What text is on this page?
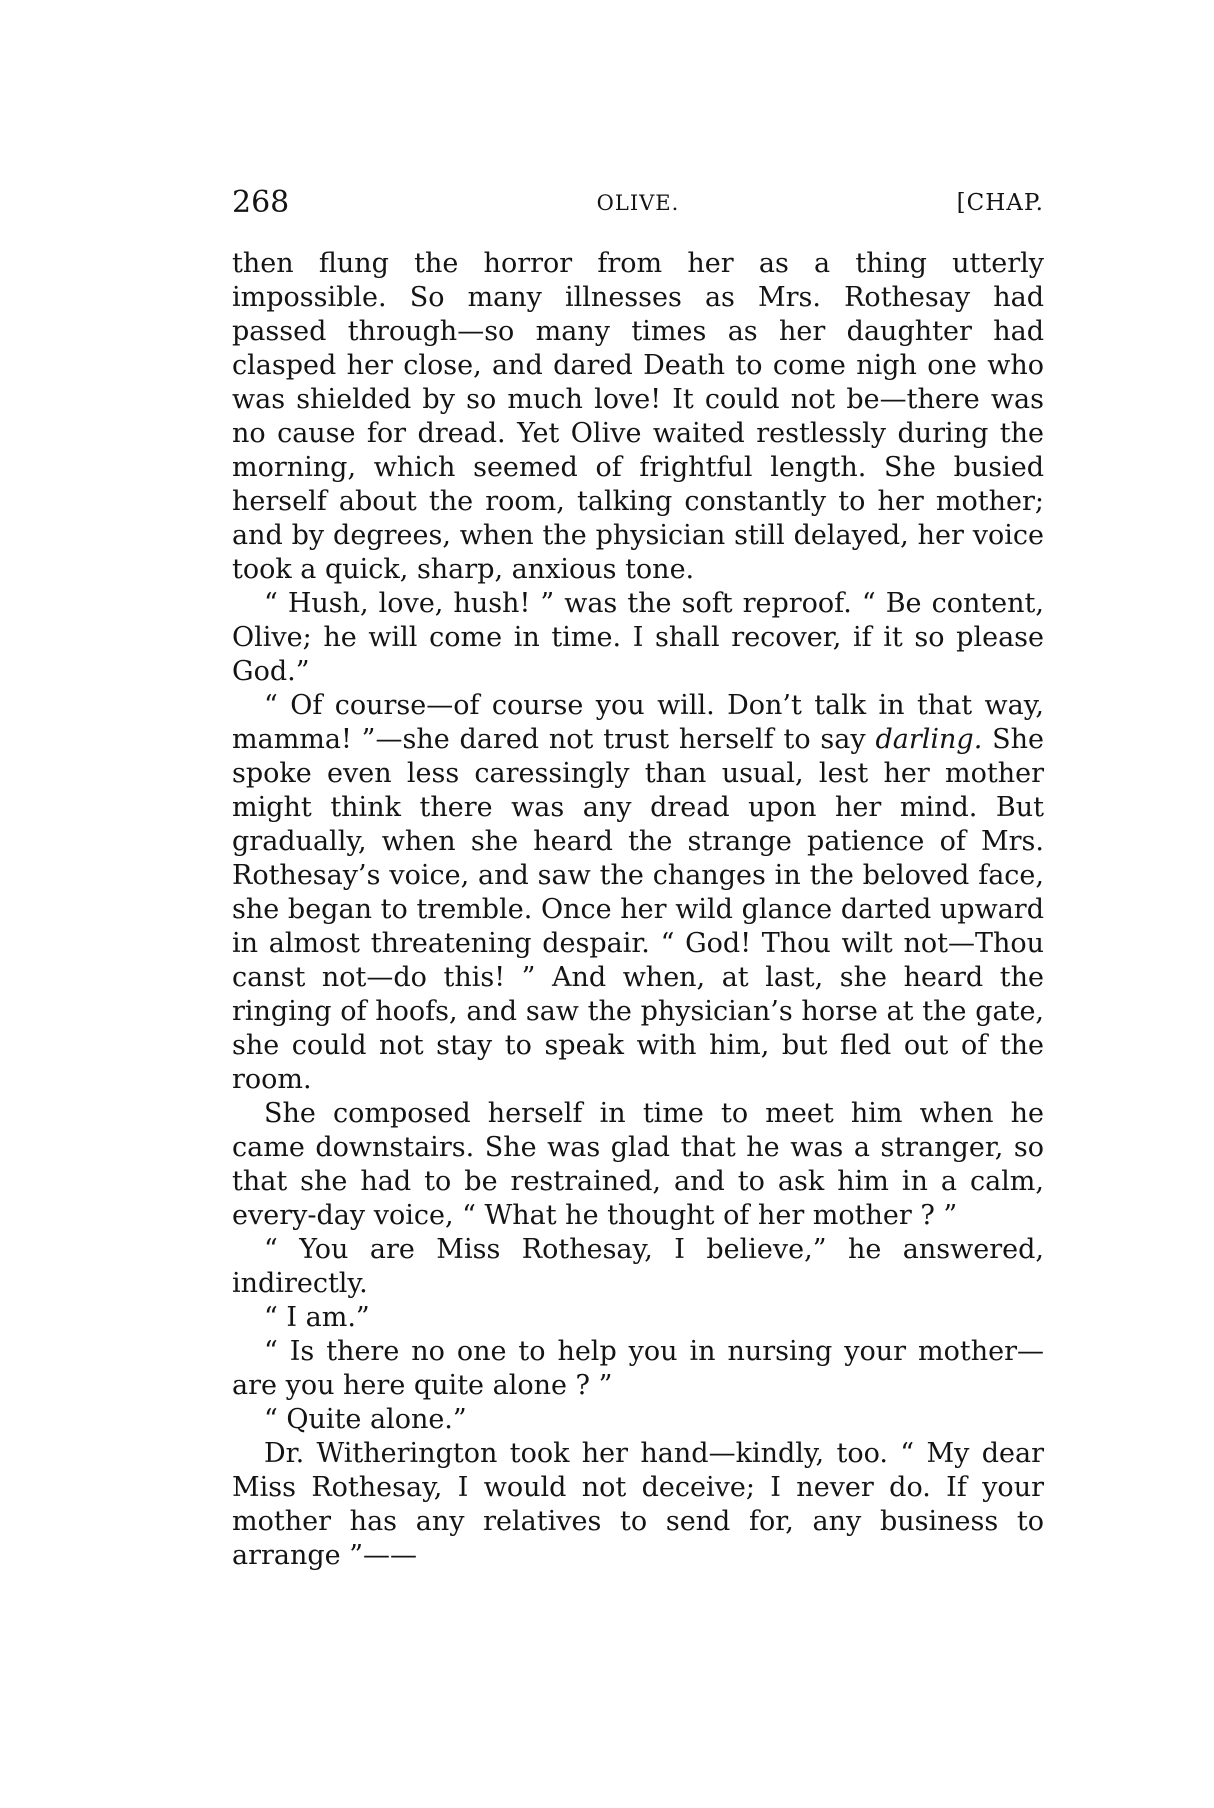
268	OLIVE.	[CHAP.

then flung the horror from her as a thing utterly impossible. So many illnesses as Mrs. Rothesay had passed through—so many times as her daughter had clasped her close, and dared Death to come nigh one who was shielded by so much love! It could not be—there was no cause for dread. Yet Olive waited restlessly during the morning, which seemed of frightful length. She busied herself about the room, talking constantly to her mother; and by degrees, when the physician still delayed, her voice took a quick, sharp, anxious tone.

“ Hush, love, hush! ” was the soft reproof. “ Be content, Olive; he will come in time. I shall recover, if it so please God.”

“ Of course—of course you will. Don’t talk in that way, mamma! ”—she dared not trust herself to say darling. She spoke even less caressingly than usual, lest her mother might think there was any dread upon her mind. But gradually, when she heard the strange patience of Mrs. Rothesay’s voice, and saw the changes in the beloved face, she began to tremble. Once her wild glance darted upward in almost threatening despair. “ God! Thou wilt not—Thou canst not—do this! ” And when, at last, she heard the ringing of hoofs, and saw the physician’s horse at the gate, she could not stay to speak with him, but fled out of the room.

She composed herself in time to meet him when he came downstairs. She was glad that he was a stranger, so that she had to be restrained, and to ask him in a calm, every-day voice, “ What he thought of her mother ? ”

“ You are Miss Rothesay, I believe,” he answered, indirectly.

“ I am.”

“ Is there no one to help you in nursing your mother—are you here quite alone ? ”

“ Quite alone.”

Dr. Witherington took her hand—kindly, too. “ My dear Miss Rothesay, I would not deceive; I never do. If your mother has any relatives to send for, any business to arrange ”——
